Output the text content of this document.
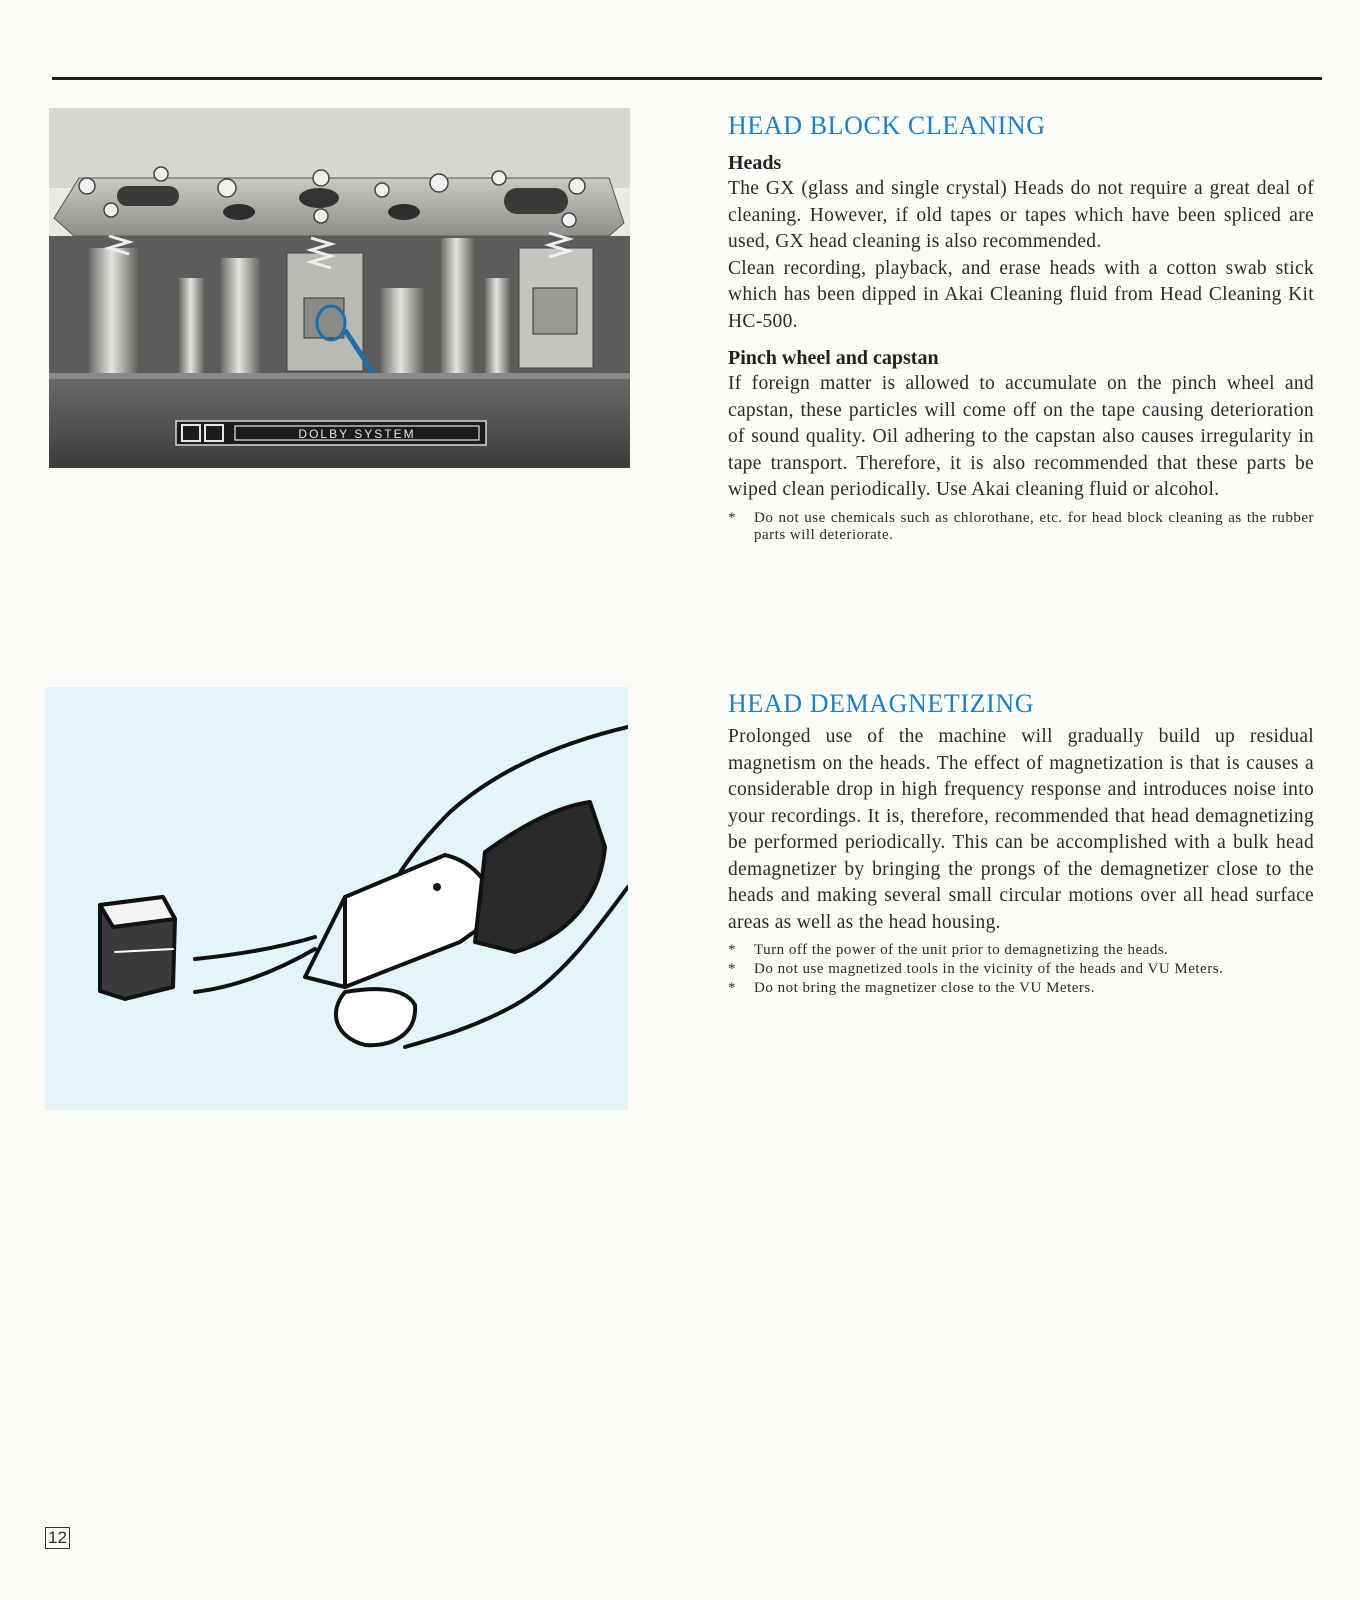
DOLBY SYSTEM
HEAD BLOCK CLEANING
Heads

The GX (glass and single crystal) Heads do not require a great deal of cleaning. However, if old tapes or tapes which have been spliced are used, GX head cleaning is also recommended.

Clean recording, playback, and erase heads with a cotton swab stick which has been dipped in Akai Cleaning fluid from Head Cleaning Kit HC-500.

Pinch wheel and capstan

If foreign matter is allowed to accumulate on the pinch wheel and capstan, these particles will come off on the tape causing deterioration of sound quality. Oil adhering to the capstan also causes irregularity in tape transport. Therefore, it is also recommended that these parts be wiped clean periodically. Use Akai cleaning fluid or alcohol.

* Do not use chemicals such as chlorothane, etc. for head block cleaning as the rubber parts will deteriorate.
HEAD DEMAGNETIZING

Prolonged use of the machine will gradually build up residual magnetism on the heads. The effect of magnetization is that is causes a considerable drop in high frequency response and introduces noise into your recordings. It is, therefore, recommended that head demagnetizing be performed periodically. This can be accomplished with a bulk head demagnetizer by bringing the prongs of the demagnetizer close to the heads and making several small circular motions over all head surface areas as well as the head housing.

* Turn off the power of the unit prior to demagnetizing the heads.
* Do not use magnetized tools in the vicinity of the heads and VU Meters.
* Do not bring the magnetizer close to the VU Meters.
12
